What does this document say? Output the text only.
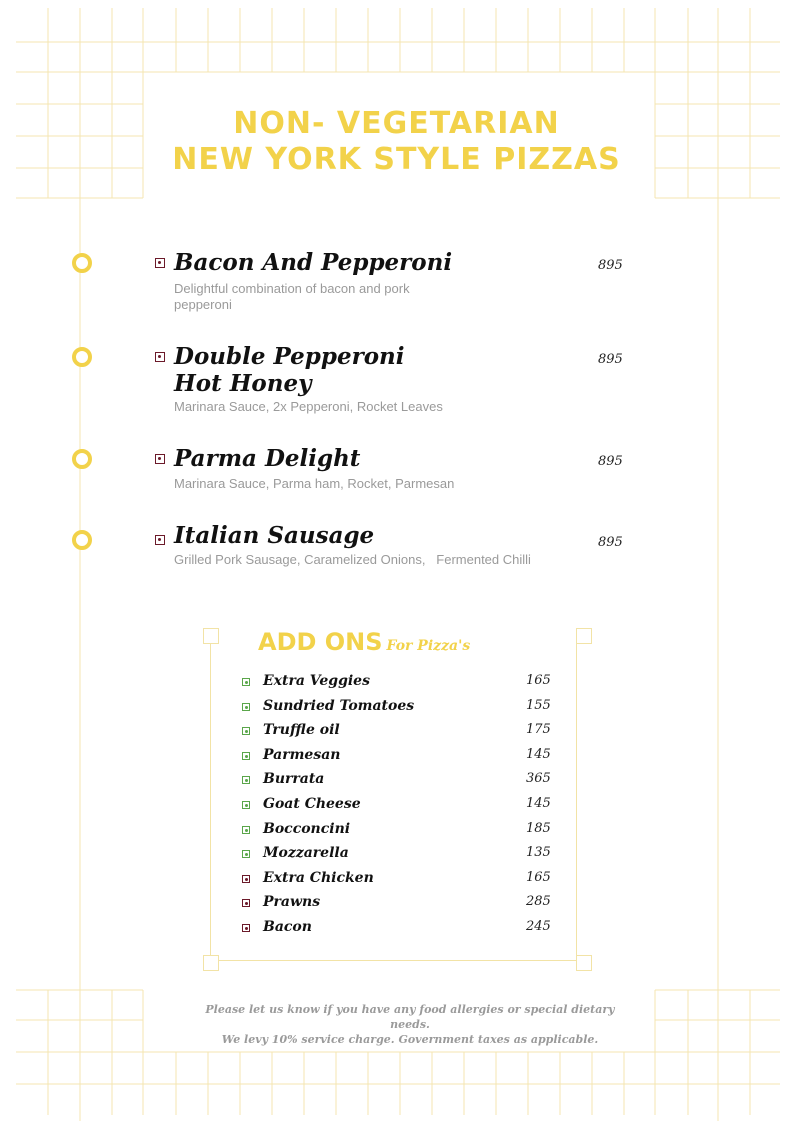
NON- VEGETARIAN
NEW YORK STYLE PIZZAS
Bacon And Pepperoni
Delightful combination of bacon and pork pepperoni
895
Double Pepperoni
Hot Honey
Marinara Sauce, 2x Pepperoni, Rocket Leaves
895
Parma Delight
Marinara Sauce, Parma ham, Rocket, Parmesan
895
Italian Sausage
Grilled Pork Sausage, Caramelized Onions,   Fermented Chilli
895
ADD ONS For Pizza's
Extra Veggies	165
Sundried Tomatoes	155
Truffle oil	175
Parmesan	145
Burrata	365
Goat Cheese	145
Bocconcini	185
Mozzarella	135
Extra Chicken	165
Prawns	285
Bacon	245
Please let us know if you have any food allergies or special dietary needs.
We levy 10% service charge. Government taxes as applicable.
